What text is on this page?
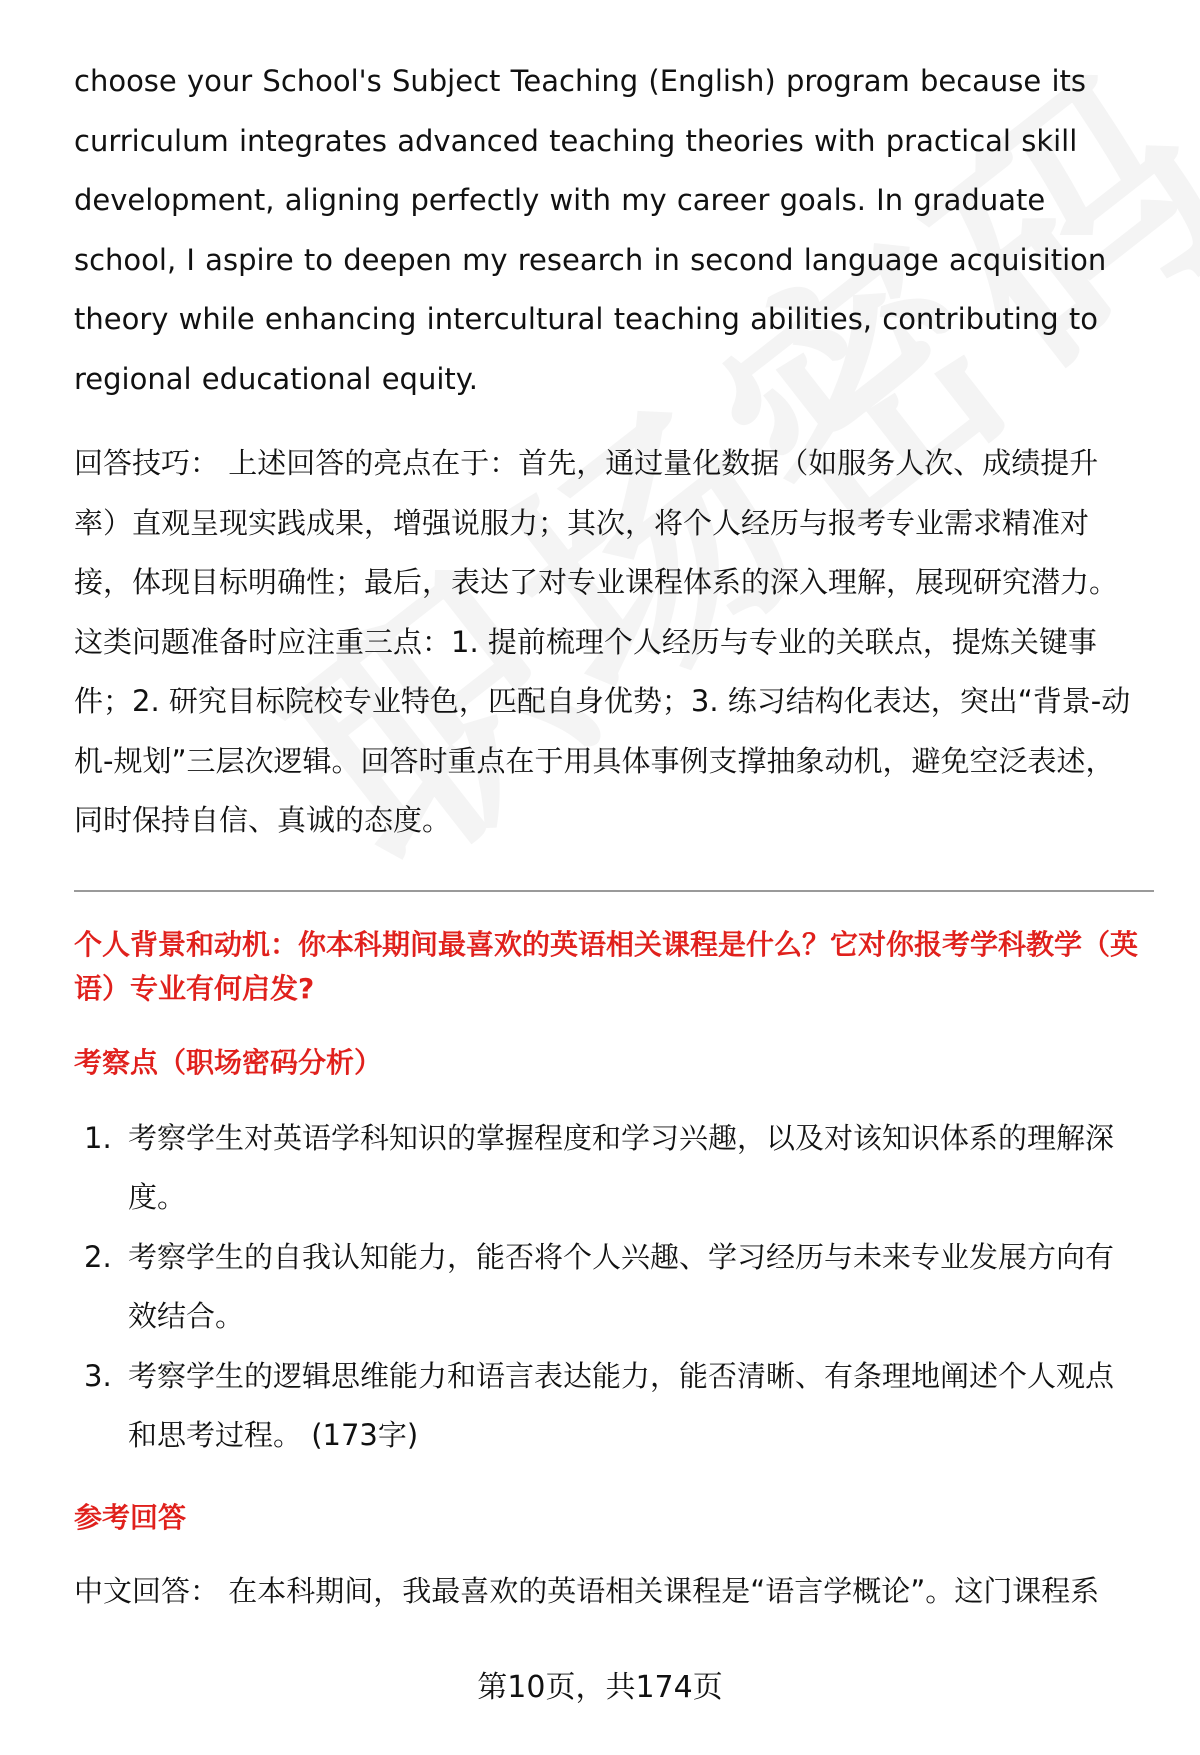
choose your School's Subject Teaching (English) program because its curriculum integrates advanced teaching theories with practical skill development, aligning perfectly with my career goals. In graduate school, I aspire to deepen my research in second language acquisition theory while enhancing intercultural teaching abilities, contributing to regional educational equity.

回答技巧： 上述回答的亮点在于：首先，通过量化数据（如服务人次、成绩提升率）直观呈现实践成果，增强说服力；其次，将个人经历与报考专业需求精准对接，体现目标明确性；最后，表达了对专业课程体系的深入理解，展现研究潜力。这类问题准备时应注重三点：1. 提前梳理个人经历与专业的关联点，提炼关键事件；2. 研究目标院校专业特色，匹配自身优势；3. 练习结构化表达，突出“背景-动机-规划”三层次逻辑。回答时重点在于用具体事例支撑抽象动机，避免空泛表述，同时保持自信、真诚的态度。

个人背景和动机：你本科期间最喜欢的英语相关课程是什么？它对你报考学科教学（英语）专业有何启发?

考察点（职场密码分析）

1. 考察学生对英语学科知识的掌握程度和学习兴趣，以及对该知识体系的理解深度。
2. 考察学生的自我认知能力，能否将个人兴趣、学习经历与未来专业发展方向有效结合。
3. 考察学生的逻辑思维能力和语言表达能力，能否清晰、有条理地阐述个人观点和思考过程。 (173字)

参考回答

中文回答： 在本科期间，我最喜欢的英语相关课程是“语言学概论”。这门课程系

第10页，共174页
